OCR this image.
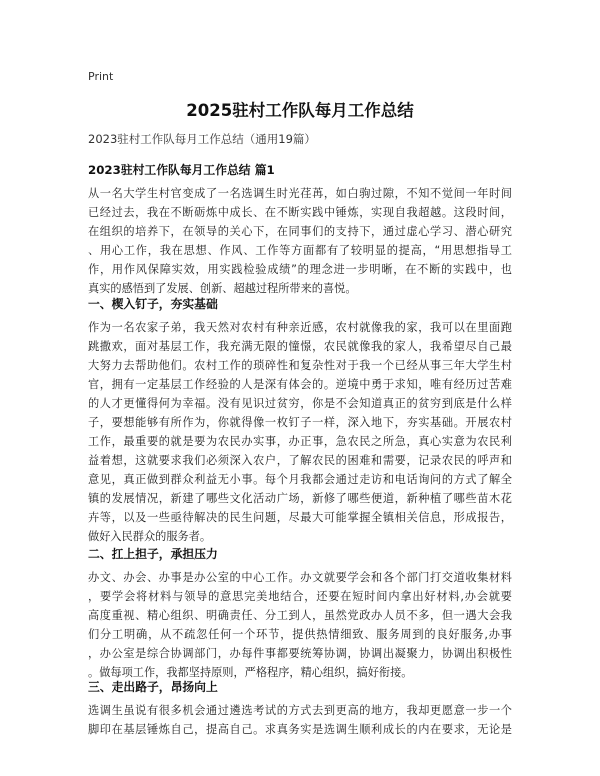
Print
2025驻村工作队每月工作总结
2023驻村工作队每月工作总结（通用19篇）
2023驻村工作队每月工作总结 篇1
从一名大学生村官变成了一名选调生时光荏苒，如白驹过隙，不知不觉间一年时间
已经过去，我在不断砺炼中成长、在不断实践中锤炼，实现自我超越。这段时间，
在组织的培养下，在领导的关心下，在同事们的支持下，通过虚心学习、潜心研究
、用心工作，我在思想、作风、工作等方面都有了较明显的提高，“用思想指导工
作，用作风保障实效，用实践检验成绩”的理念进一步明晰，在不断的实践中，也
真实的感悟到了发展、创新、超越过程所带来的喜悦。
一、楔入钉子，夯实基础
作为一名农家子弟，我天然对农村有种亲近感，农村就像我的家，我可以在里面跑
跳撒欢，面对基层工作，我充满无限的憧憬，农民就像我的家人，我希望尽自己最
大努力去帮助他们。农村工作的琐碎性和复杂性对于我一个已经从事三年大学生村
官，拥有一定基层工作经验的人是深有体会的。逆境中勇于求知，唯有经历过苦难
的人才更懂得何为幸福。没有见识过贫穷，你是不会知道真正的贫穷到底是什么样
子，要想能够有所作为，你就得像一枚钉子一样，深入地下，夯实基础。开展农村
工作，最重要的就是要为农民办实事，办正事，急农民之所急，真心实意为农民利
益着想，这就要求我们必须深入农户，了解农民的困难和需要，记录农民的呼声和
意见，真正做到群众利益无小事。每个月我都会通过走访和电话询问的方式了解全
镇的发展情况，新建了哪些文化活动广场，新修了哪些便道，新种植了哪些苗木花
卉等，以及一些亟待解决的民生问题，尽最大可能掌握全镇相关信息，形成报告，
做好入民群众的服务者。
二、扛上担子，承担压力
办文、办会、办事是办公室的中心工作。办文就要学会和各个部门打交道收集材料
，要学会将材料与领导的意思完美地结合，还要在短时间内拿出好材料,办会就要
高度重视、精心组织、明确责任、分工到人，虽然党政办人员不多，但一遇大会我
们分工明确，从不疏忽任何一个环节，提供热情细致、服务周到的良好服务,办事
，办公室是综合协调部门，办每件事都要统筹协调，协调出凝聚力，协调出积极性
。做每项工作，我都坚持原则，严格程序，精心组织，搞好衔接。
三、走出路子，昂扬向上
选调生虽说有很多机会通过遴选考试的方式去到更高的地方，我却更愿意一步一个
脚印在基层锤炼自己，提高自己。求真务实是选调生顺利成长的内在要求，无论是
